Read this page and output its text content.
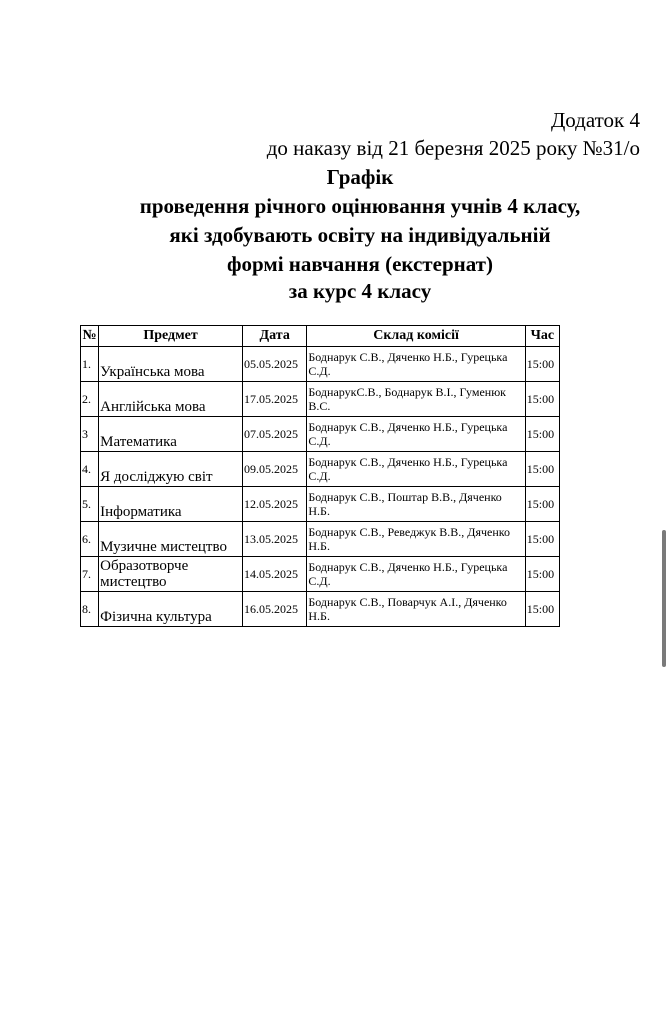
Додаток 4
до наказу від 21 березня 2025 року №31/о
Графік
проведення річного оцінювання учнів 4 класу,
які здобувають освіту на індивідуальній
формі навчання (екстернат)
за курс 4 класу
№	Предмет	Дата	Склад комісії	Час
1.	Українська мова	05.05.2025	Боднарук С.В., Дяченко Н.Б., Гурецька С.Д.	15:00
2.	Англійська мова	17.05.2025	БоднарукС.В., Боднарук В.І., Гуменюк В.С.	15:00
3	Математика	07.05.2025	Боднарук С.В., Дяченко Н.Б., Гурецька С.Д.	15:00
4.	Я досліджую світ	09.05.2025	Боднарук С.В., Дяченко Н.Б., Гурецька С.Д.	15:00
5.	Інформатика	12.05.2025	Боднарук С.В., Поштар В.В., Дяченко Н.Б.	15:00
6.	Музичне мистецтво	13.05.2025	Боднарук С.В., Реведжук В.В., Дяченко Н.Б.	15:00
7.	Образотворче мистецтво	14.05.2025	Боднарук С.В., Дяченко Н.Б., Гурецька С.Д.	15:00
8.	Фізична культура	16.05.2025	Боднарук С.В., Поварчук А.І., Дяченко Н.Б.	15:00
